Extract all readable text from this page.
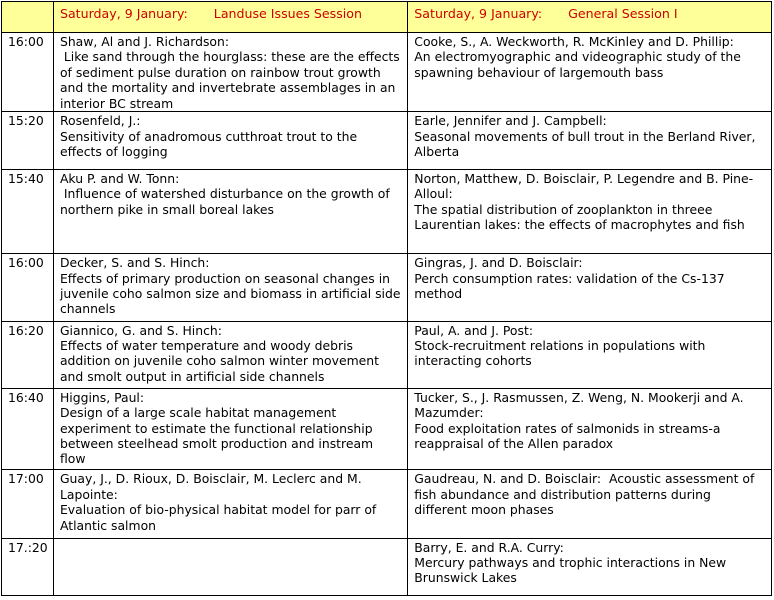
	Saturday, 9 January: Landuse Issues Session	Saturday, 9 January: General Session I
16:00	Shaw, Al and J. Richardson:
Like sand through the hourglass: these are the effects of sediment pulse duration on rainbow trout growth and the mortality and invertebrate assemblages in an interior BC stream	Cooke, S., A. Weckworth, R. McKinley and D. Phillip:
An electromyographic and videographic study of the spawning behaviour of largemouth bass

15:20	Rosenfeld, J.:
Sensitivity of anadromous cutthroat trout to the effects of logging	Earle, Jennifer and J. Campbell:
Seasonal movements of bull trout in the Berland River, Alberta

15:40	Aku P. and W. Tonn:
Influence of watershed disturbance on the growth of northern pike in small boreal lakes	Norton, Matthew, D. Boisclair, P. Legendre and B. Pine-Alloul:
The spatial distribution of zooplankton in threee Laurentian lakes: the effects of macrophytes and fish

16:00	Decker, S. and S. Hinch:
Effects of primary production on seasonal changes in juvenile coho salmon size and biomass in artificial side channels	Gingras, J. and D. Boisclair:
Perch consumption rates: validation of the Cs-137 method

16:20	Giannico, G. and S. Hinch:
Effects of water temperature and woody debris addition on juvenile coho salmon winter movement and smolt output in artificial side channels	Paul, A. and J. Post:
Stock-recruitment relations in populations with interacting cohorts

16:40	Higgins, Paul:
Design of a large scale habitat management experiment to estimate the functional relationship between steelhead smolt production and instream flow	Tucker, S., J. Rasmussen, Z. Weng, N. Mookerji and A. Mazumder:
Food exploitation rates of salmonids in streams-a reappraisal of the Allen paradox

17:00	Guay, J., D. Rioux, D. Boisclair, M. Leclerc and M. Lapointe:
Evaluation of bio-physical habitat model for parr of Atlantic salmon	Gaudreau, N. and D. Boisclair:  Acoustic assessment of fish abundance and distribution patterns during different moon phases

17.:20		Barry, E. and R.A. Curry:
Mercury pathways and trophic interactions in New Brunswick Lakes
